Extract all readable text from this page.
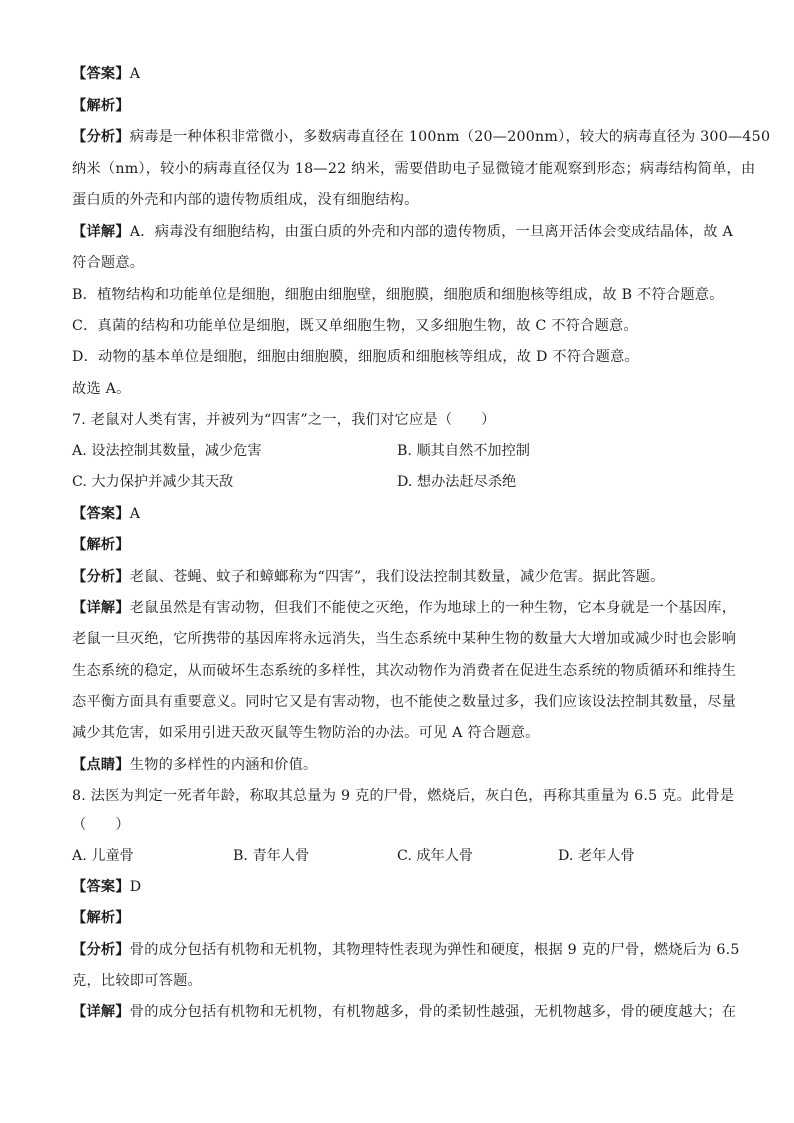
【答案】A
【解析】
【分析】病毒是一种体积非常微小，多数病毒直径在 100nm（20—200nm），较大的病毒直径为 300—450
纳米（nm），较小的病毒直径仅为 18—22 纳米，需要借助电子显微镜才能观察到形态；病毒结构简单，由
蛋白质的外壳和内部的遗传物质组成，没有细胞结构。
【详解】A．病毒没有细胞结构，由蛋白质的外壳和内部的遗传物质，一旦离开活体会变成结晶体，故 A
符合题意。
B．植物结构和功能单位是细胞，细胞由细胞壁，细胞膜，细胞质和细胞核等组成，故 B 不符合题意。
C．真菌的结构和功能单位是细胞，既又单细胞生物，又多细胞生物，故 C 不符合题意。
D．动物的基本单位是细胞，细胞由细胞膜，细胞质和细胞核等组成，故 D 不符合题意。
故选 A。
7. 老鼠对人类有害，并被列为“四害”之一，我们对它应是（　　）
A. 设法控制其数量，减少危害	B. 顺其自然不加控制
C. 大力保护并减少其天敌	D. 想办法赶尽杀绝
【答案】A
【解析】
【分析】老鼠、苍蝇、蚊子和蟑螂称为“四害”，我们设法控制其数量，减少危害。据此答题。
【详解】老鼠虽然是有害动物，但我们不能使之灭绝，作为地球上的一种生物，它本身就是一个基因库，
老鼠一旦灭绝，它所携带的基因库将永远消失，当生态系统中某种生物的数量大大增加或减少时也会影响
生态系统的稳定，从而破坏生态系统的多样性，其次动物作为消费者在促进生态系统的物质循环和维持生
态平衡方面具有重要意义。同时它又是有害动物，也不能使之数量过多，我们应该设法控制其数量，尽量
减少其危害，如采用引进天敌灭鼠等生物防治的办法。可见 A 符合题意。
【点睛】生物的多样性的内涵和价值。
8. 法医为判定一死者年龄，称取其总量为 9 克的尸骨，燃烧后，灰白色，再称其重量为 6.5 克。此骨是
（　　）
A. 儿童骨	B. 青年人骨	C. 成年人骨	D. 老年人骨
【答案】D
【解析】
【分析】骨的成分包括有机物和无机物，其物理特性表现为弹性和硬度，根据 9 克的尸骨，燃烧后为 6.5
克，比较即可答题。
【详解】骨的成分包括有机物和无机物，有机物越多，骨的柔韧性越强，无机物越多，骨的硬度越大；在
